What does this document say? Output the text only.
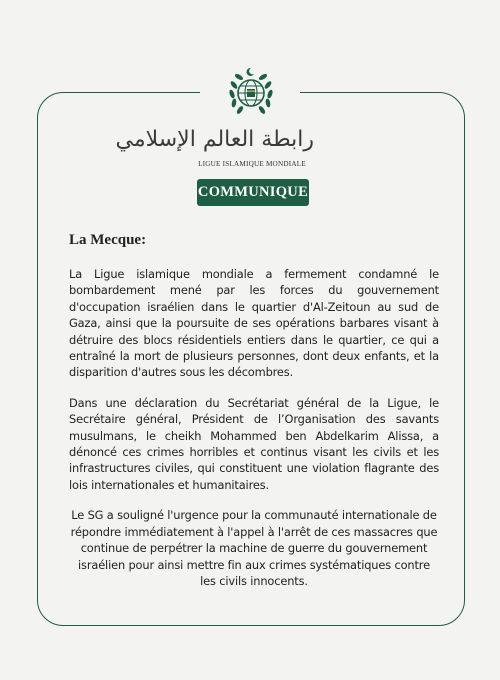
رابطة العالم الإسلامي
LIGUE ISLAMIQUE MONDIALE
COMMUNIQUE
La Mecque:

La Ligue islamique mondiale a fermement condamné le bombardement mené par les forces du gouvernement d'occupation israélien dans le quartier d'Al-Zeitoun au sud de Gaza, ainsi que la poursuite de ses opérations barbares visant à détruire des blocs résidentiels entiers dans le quartier, ce qui a entraîné la mort de plusieurs personnes, dont deux enfants, et la disparition d'autres sous les décombres.

Dans une déclaration du Secrétariat général de la Ligue, le Secrétaire général, Président de l’Organisation des savants musulmans, le cheikh Mohammed ben Abdelkarim Alissa, a dénoncé ces crimes horribles et continus visant les civils et les infrastructures civiles, qui constituent une violation flagrante des lois internationales et humanitaires.

Le SG a souligné l'urgence pour la communauté internationale de répondre immédiatement à l'appel à l'arrêt de ces massacres que continue de perpétrer la machine de guerre du gouvernement israélien pour ainsi mettre fin aux crimes systématiques contre les civils innocents.
